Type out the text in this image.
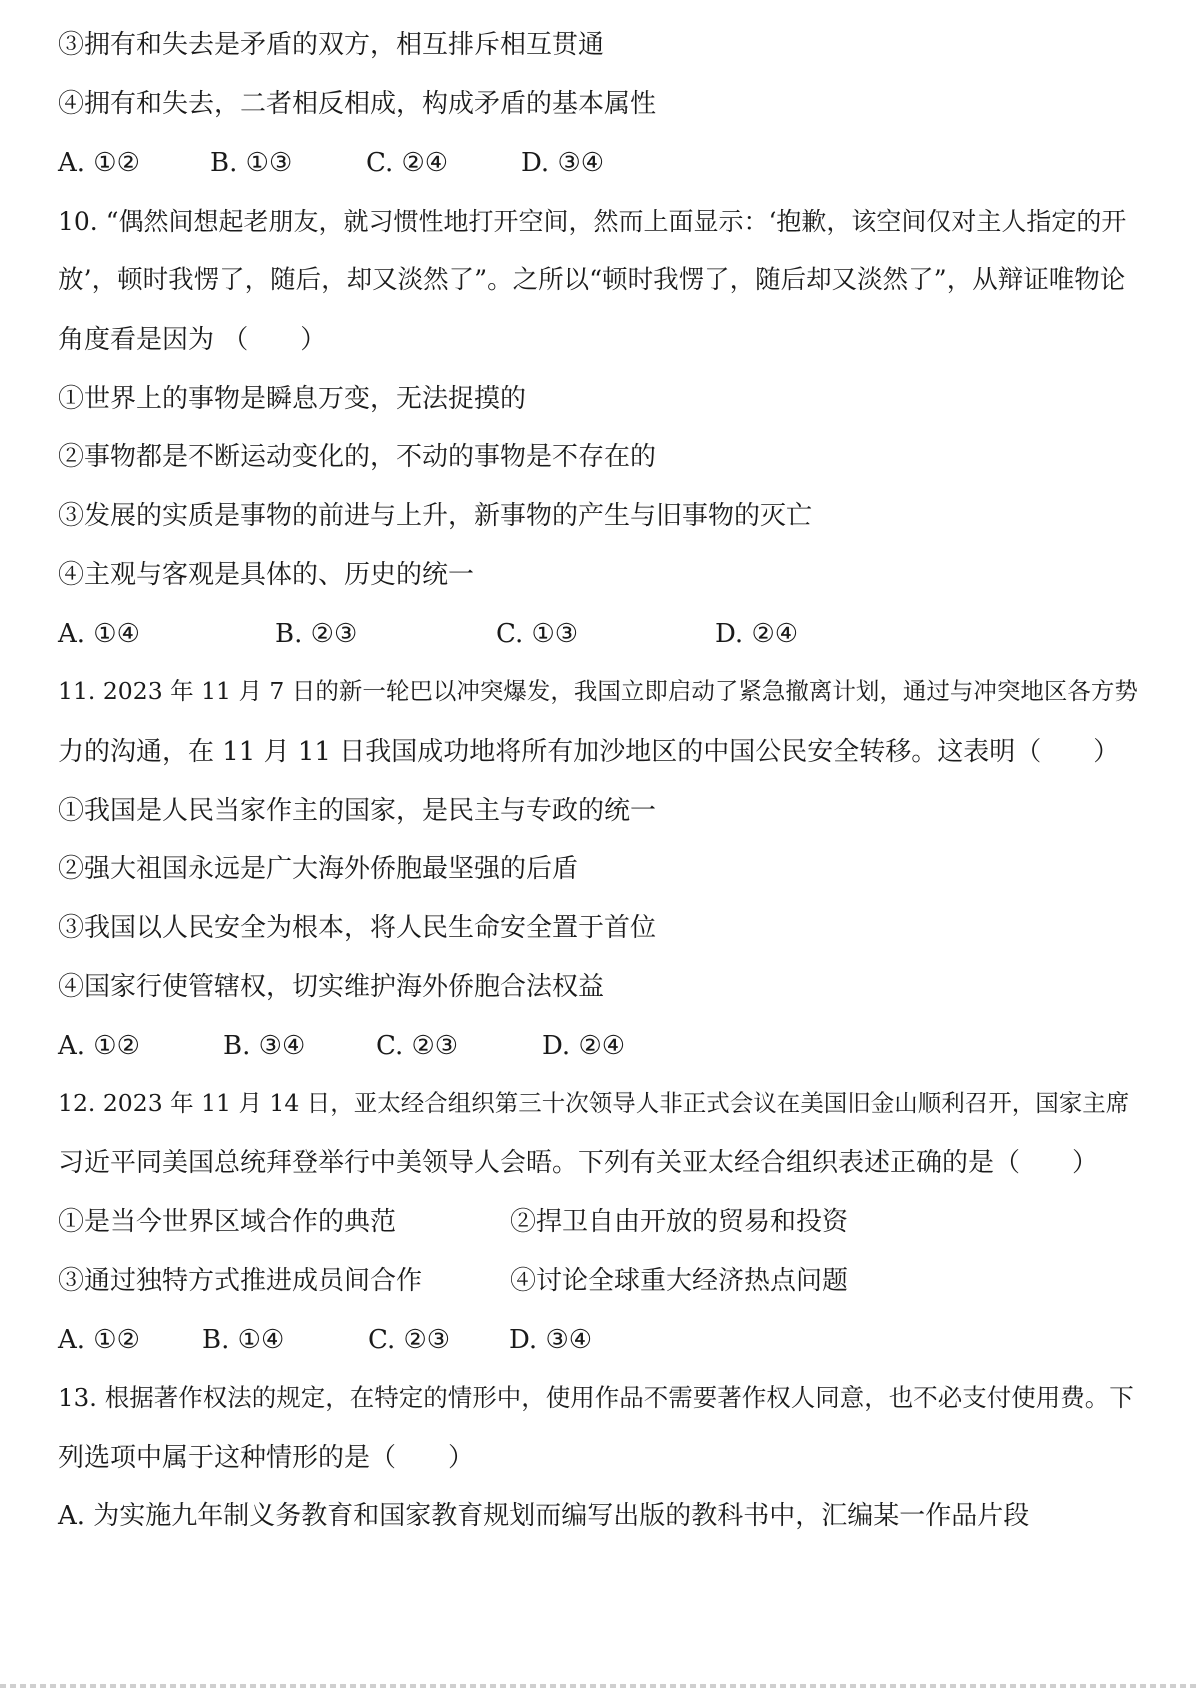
③拥有和失去是矛盾的双方，相互排斥相互贯通
④拥有和失去，二者相反相成，构成矛盾的基本属性
A. ①②	B. ①③	C. ②④	D. ③④
10. “偶然间想起老朋友，就习惯性地打开空间，然而上面显示：‘抱歉，该空间仅对主人指定的开
放’，顿时我愣了，随后，却又淡然了”。之所以“顿时我愣了，随后却又淡然了”，从辩证唯物论
角度看是因为 （　　）
①世界上的事物是瞬息万变，无法捉摸的
②事物都是不断运动变化的，不动的事物是不存在的
③发展的实质是事物的前进与上升，新事物的产生与旧事物的灭亡
④主观与客观是具体的、历史的统一
A. ①④	B. ②③	C. ①③	D. ②④
11. 2023 年 11 月 7 日的新一轮巴以冲突爆发，我国立即启动了紧急撤离计划，通过与冲突地区各方势
力的沟通，在 11 月 11 日我国成功地将所有加沙地区的中国公民安全转移。这表明（　　）
①我国是人民当家作主的国家，是民主与专政的统一
②强大祖国永远是广大海外侨胞最坚强的后盾
③我国以人民安全为根本，将人民生命安全置于首位
④国家行使管辖权，切实维护海外侨胞合法权益
A. ①②	B. ③④	C. ②③	D. ②④
12. 2023 年 11 月 14 日，亚太经合组织第三十次领导人非正式会议在美国旧金山顺利召开，国家主席
习近平同美国总统拜登举行中美领导人会晤。下列有关亚太经合组织表述正确的是（　　）
①是当今世界区域合作的典范	②捍卫自由开放的贸易和投资
③通过独特方式推进成员间合作	④讨论全球重大经济热点问题
A. ①② B. ①④	C. ②③ D. ③④
13. 根据著作权法的规定，在特定的情形中，使用作品不需要著作权人同意，也不必支付使用费。下
列选项中属于这种情形的是（　　）
A. 为实施九年制义务教育和国家教育规划而编写出版的教科书中，汇编某一作品片段
